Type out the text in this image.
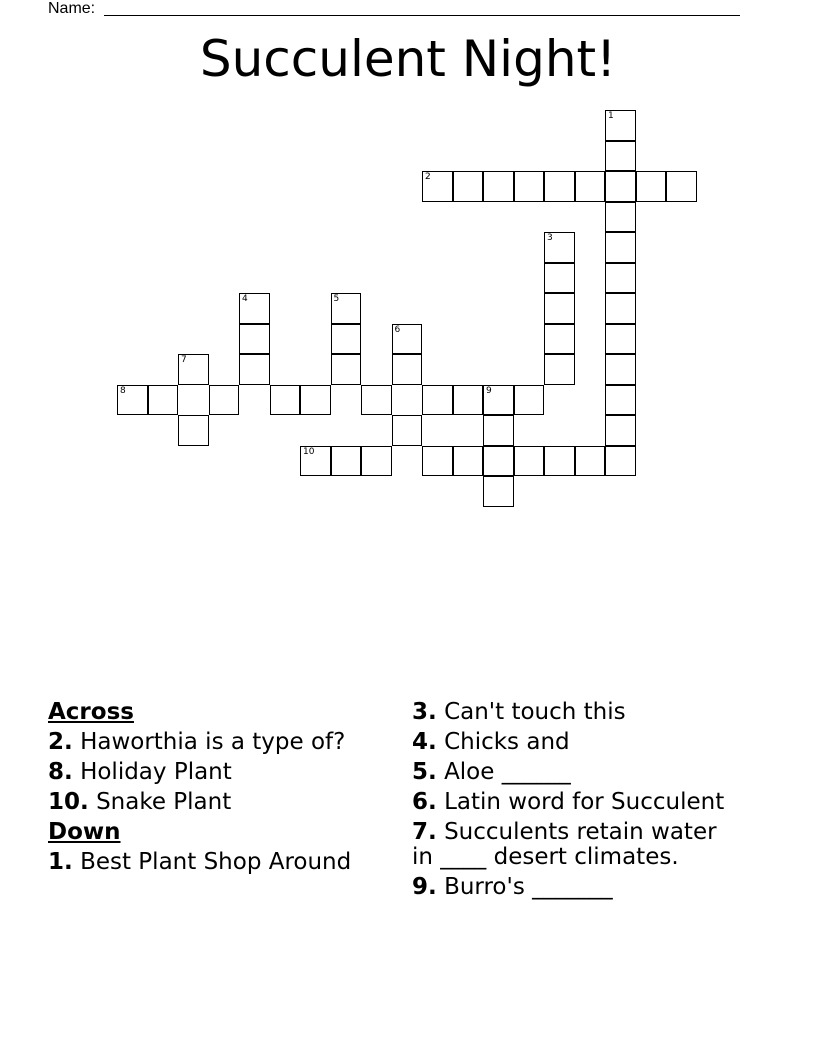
Name:
Succulent Night!
1
2
3
4	5
6
7
8	9
10
Across
2. Haworthia is a type of?
8. Holiday Plant
10. Snake Plant
Down
1. Best Plant Shop Around
3. Can't touch this
4. Chicks and
5. Aloe ______
6. Latin word for Succulent
7. Succulents retain water in ____ desert climates.
9. Burro's _______
